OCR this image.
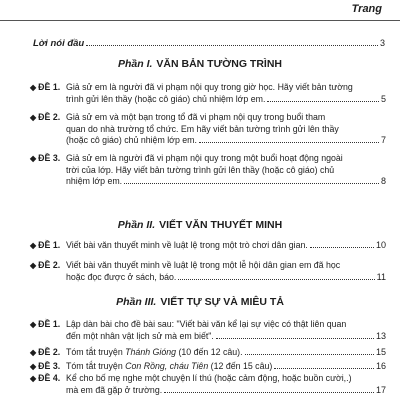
Trang
Lời nói đầu	3
Phần I. VĂN BẢN TƯỜNG TRÌNH
◆ ĐỀ 1. Giả sử em là người đã vi phạm nội quy trong giờ học. Hãy viết bản tường
trình gửi lên thầy (hoặc cô giáo) chủ nhiệm lớp em.	5
◆ ĐỀ 2. Giả sử em và một bạn trong tổ đã vi phạm nội quy trong buổi tham
quan do nhà trường tổ chức. Em hãy viết bản tường trình gửi lên thầy
(hoặc cô giáo) chủ nhiệm lớp em.	7
◆ ĐỀ 3. Giả sử em là người đã vi phạm nội quy trong một buổi hoạt động ngoài
trời của lớp. Hãy viết bản tường trình gửi lên thầy (hoặc cô giáo) chủ
nhiệm lớp em.	8
Phần II. VIẾT VĂN THUYẾT MINH
◆ ĐỀ 1. Viết bài văn thuyết minh về luật lệ trong một trò chơi dân gian.	10
◆ ĐỀ 2. Viết bài văn thuyết minh về luật lệ trong một lễ hội dân gian em đã học
hoặc đọc được ở sách, báo.	11
Phần III. VIẾT TỰ SỰ VÀ MIÊU TẢ
◆ ĐỀ 1. Lập dàn bài cho đề bài sau: "Viết bài văn kể lại sự việc có thật liên quan
đến một nhân vật lịch sử mà em biết".	13
◆ ĐỀ 2. Tóm tắt truyện Thánh Gióng (10 đến 12 câu).	15
◆ ĐỀ 3. Tóm tắt truyện Con Rồng, cháu Tiên (12 đến 15 câu)	16
◆ ĐỀ 4. Kể cho bố mẹ nghe một chuyện lí thú (hoặc cảm động, hoặc buồn cười,.)
mà em đã gặp ở trường.	17
